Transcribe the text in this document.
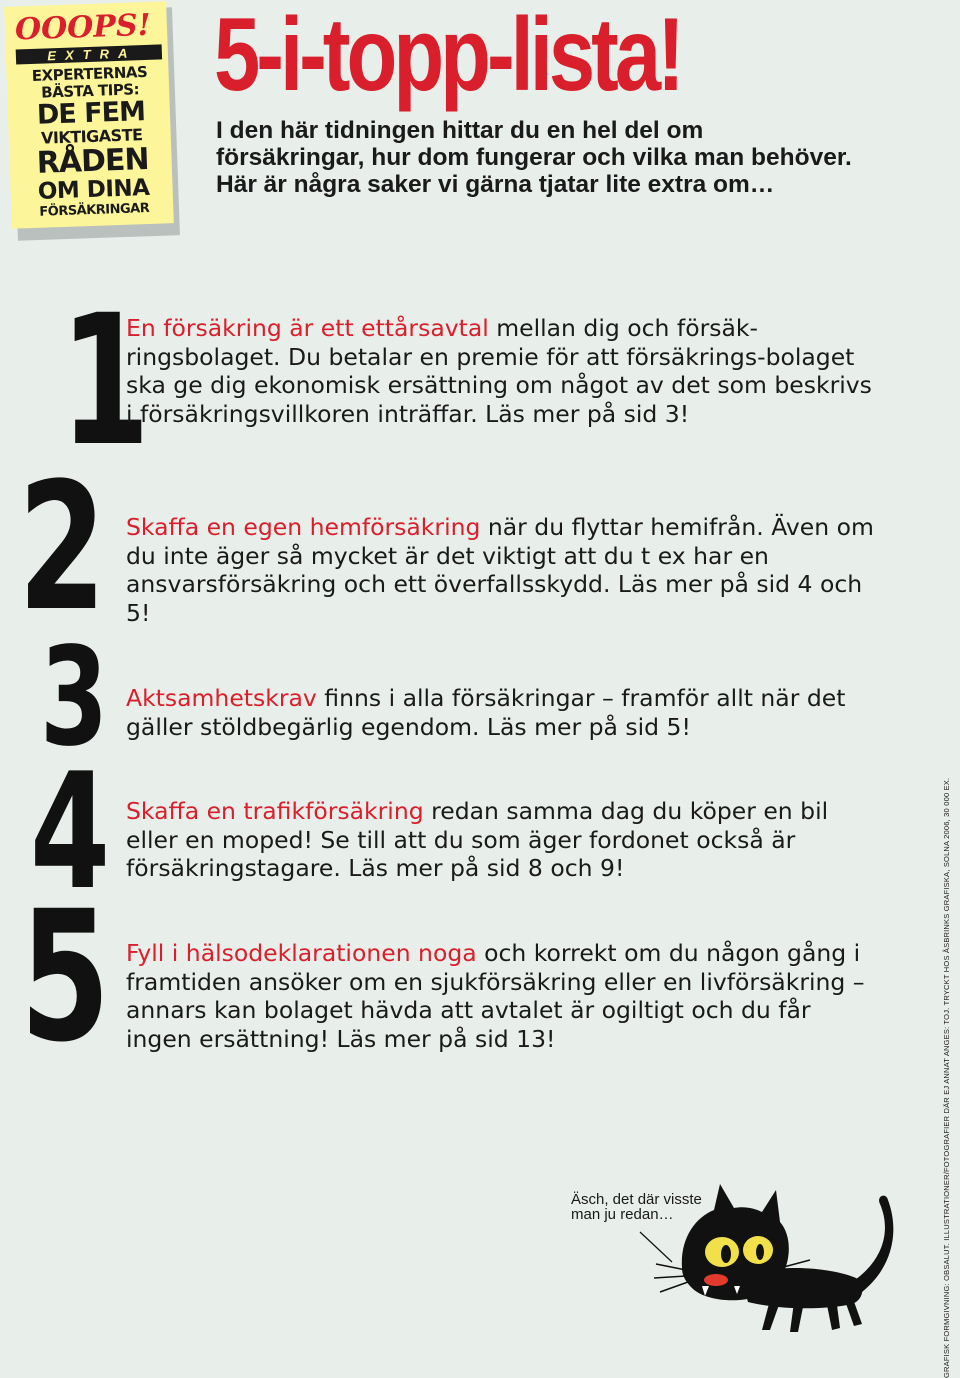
OOOPS!
EXTRA
EXPERTERNAS
BÄSTA TIPS:
DE FEM
VIKTIGASTE
RÅDEN
OM DINA
FÖRSÄKRINGAR
5-i-topp-lista!
I den här tidningen hittar du en hel del om försäkringar, hur dom fungerar och vilka man behöver. Här är några saker vi gärna tjatar lite extra om…
1
En försäkring är ett ettårsavtal mellan dig och försäk-ringsbolaget. Du betalar en premie för att försäkrings-bolaget ska ge dig ekonomisk ersättning om något av det som beskrivs i försäkringsvillkoren inträffar. Läs mer på sid 3!
2 Skaffa en egen hemförsäkring när du flyttar hemifrån. Även om du inte äger så mycket är det viktigt att du t ex har en ansvarsförsäkring och ett överfallsskydd. Läs mer på sid 4 och 5!
3 Aktsamhetskrav finns i alla försäkringar – framför allt när det gäller stöldbegärlig egendom. Läs mer på sid 5!
4 Skaffa en trafikförsäkring redan samma dag du köper en bil eller en moped! Se till att du som äger fordonet också är försäkringstagare. Läs mer på sid 8 och 9!
5 Fyll i hälsodeklarationen noga och korrekt om du någon gång i framtiden ansöker om en sjukförsäkring eller en livförsäkring – annars kan bolaget hävda att avtalet är ogiltigt och du får ingen ersättning! Läs mer på sid 13!
Äsch, det där visste man ju redan…	GRAFISK FORMGIVNING: OBSALUT. ILLUSTRATIONER/FOTOGRAFIER DÄR EJ ANNAT ANGES: TOJ. TRYCKT HOS ÅSBRINKS GRAFISKA, SOLNA 2006, 30 000 EX.
